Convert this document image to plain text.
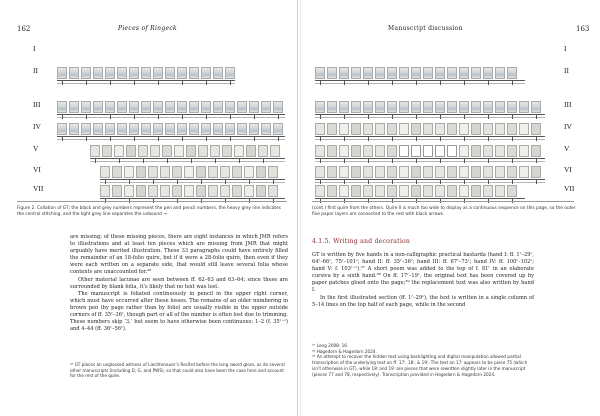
162	Pieces of Ringeck
I
II
III
IV
V
VI
VII
Figure 2. Collation of GT; the black and grey numbers represent the pen and pencil numbers, the heavy grey line indicates the central stitching, and the light grey line separates the unbound →

are missing; of these missing pieces, there are eight instances in which JMR refers to illustrations and at least ten pieces which are missing from JMR that might arguably have merited illustration. These 33 paragraphs could have entirely filled the remainder of an 18-folio quire, but if it were a 28-folio quire, then even if they were each written on a separate side, that would still leave several folia whose contents are unaccounted for.³⁶

Other material lacunae are seen between ff. 62–63 and 63–64; since these are surrounded by blank folia, it’s likely that no text was lost.

The manuscript is foliated continuously in pencil in the upper right corner, which must have occurred after these losses. The remains of an older numbering in brown pen (by page rather than by folio) are usually visible in the upper outside corners of ff. 35ʳ–36ᵛ, though part or all of the number is often lost due to trimming. These numbers skip ‘3,’ but seem to have otherwise been continuous: 1–2 (f. 35ʳ⁻ᵛ) and 4–44 (ff. 36ʳ–56ᵛ).

³⁶ GT places an unglossed witness of Liechtenauer’s Recård before the long sword gloss, as do several other manuscripts (including D, G, and PWS), so that could also have been the case here and account for the rest of the quire.
Manuscript discussion	163
I
II
III
IV
V
VI
VII
(cont.) first quire from the others. Quire II is much too wide to display as a continuous sequence on this page, so the outer five paper layers are connected to the rest with black arrows.
4.1.5. Writing and decoration

GT is written by five hands in a non-calligraphic practical bastarda (hand I: ff. 1ʳ–29ᵛ, 64ʳ–66ᵛ, 75ʳ–101ᵛ; hand II: ff. 35ʳ–36ᵛ; hand III: ff. 67ʳ–73ᵛ; hand IV: ff. 100ʳ–102ᵛ; hand V: f. 103ʳ⁻ᵛ).³⁷ A short poem was added to the top of f. 81ʳ in an elaborate cursiva by a sixth hand.³⁸ On ff. 17ʳ–19ᵛ, the original text has been covered up by paper patches glued onto the page;³⁹ the replacement text was also written by hand I.

In the first illustrated section (ff. 1ʳ–29ᵛ), the text is written in a single column of 5–14 lines on the top half of each page, while in the second

³⁷ Leng 2008: 16.
³⁸ Hagedorn & Hagedorn 2024.
³⁹ An attempt to recover the hidden text using backlighting and digital manipulation allowed partial transcription of the underlying text on ff. 17ʳ, 18ʳ, & 19ʳ. The text on 17ʳ appears to be piece 75 (which isn’t otherwise in GT), while 18ʳ and 19ʳ are pieces that were rewritten slightly later in the manuscript (pieces 77 and 78, respectively). Transcription provided in Hagedorn & Hagedorn 2024.
